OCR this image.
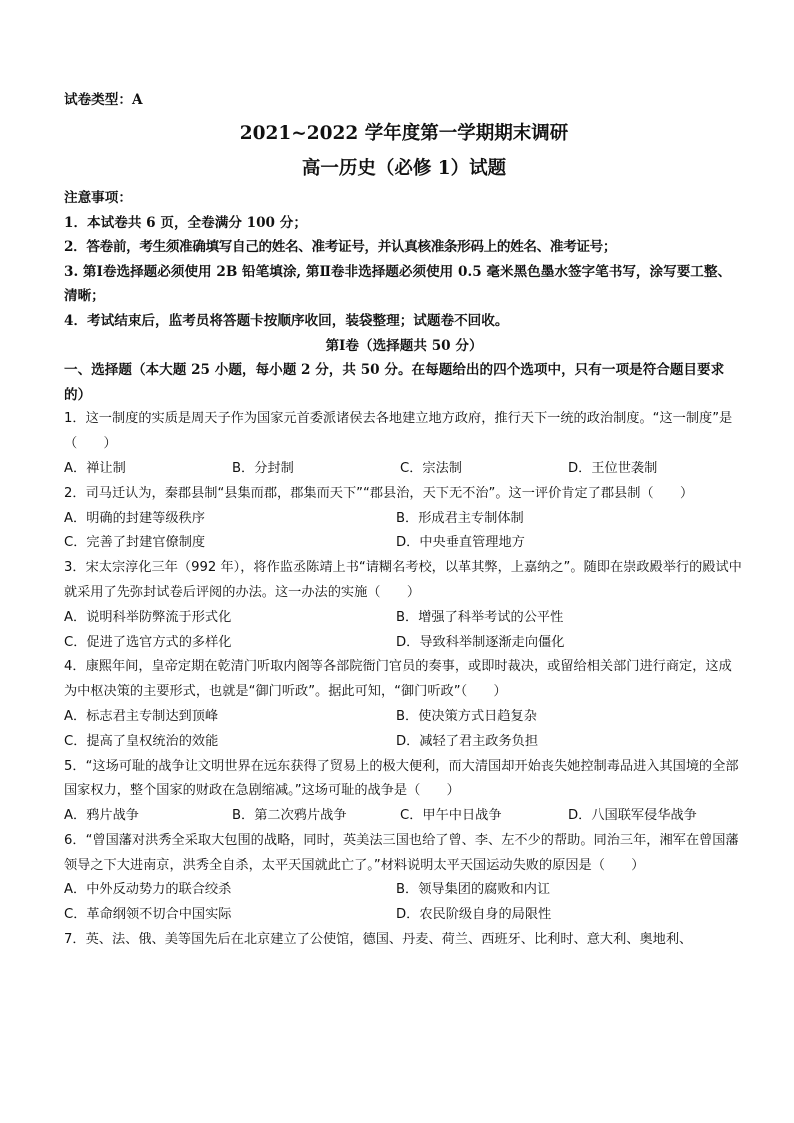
试卷类型：A
2021~2022 学年度第一学期期末调研
高一历史（必修 1）试题
注意事项：
1．本试卷共 6 页，全卷满分 100 分；
2．答卷前，考生须准确填写自己的姓名、准考证号，并认真核准条形码上的姓名、准考证号；
3. 第Ⅰ卷选择题必须使用 2B 铅笔填涂, 第Ⅱ卷非选择题必须使用 0.5 毫米黑色墨水签字笔书写，涂写要工整、清晰；
4．考试结束后，监考员将答题卡按顺序收回，装袋整理；试题卷不回收。
第Ⅰ卷（选择题共 50 分）
一、选择题（本大题 25 小题，每小题 2 分，共 50 分。在每题给出的四个选项中，只有一项是符合题目要求的）
1．这一制度的实质是周天子作为国家元首委派诸侯去各地建立地方政府，推行天下一统的政治制度。“这一制度”是（　　）
A．禅让制	B．分封制	C．宗法制	D．王位世袭制
2．司马迁认为，秦郡县制“县集而郡，郡集而天下”“郡县治，天下无不治”。这一评价肯定了郡县制（　　）
A．明确的封建等级秩序	B．形成君主专制体制
C．完善了封建官僚制度	D．中央垂直管理地方
3．宋太宗淳化三年（992 年），将作监丞陈靖上书“请糊名考校，以革其弊，上嘉纳之”。随即在崇政殿举行的殿试中就采用了先弥封试卷后评阅的办法。这一办法的实施（　　）
A．说明科举防弊流于形式化	B．增强了科举考试的公平性
C．促进了选官方式的多样化	D．导致科举制逐渐走向僵化
4．康熙年间，皇帝定期在乾清门听取内阁等各部院衙门官员的奏事，或即时裁决，或留给相关部门进行商定，这成为中枢决策的主要形式，也就是“御门听政”。据此可知，“御门听政”（　　）
A．标志君主专制达到顶峰	B．使决策方式日趋复杂
C．提高了皇权统治的效能	D．减轻了君主政务负担
5．“这场可耻的战争让文明世界在远东获得了贸易上的极大便利，而大清国却开始丧失她控制毒品进入其国境的全部国家权力，整个国家的财政在急剧缩减。”这场可耻的战争是（　　）
A．鸦片战争	B．第二次鸦片战争	C．甲午中日战争	D．八国联军侵华战争
6．“曾国藩对洪秀全采取大包围的战略，同时，英美法三国也给了曾、李、左不少的帮助。同治三年，湘军在曾国藩领导之下大进南京，洪秀全自杀，太平天国就此亡了。”材料说明太平天国运动失败的原因是（　　）
A．中外反动势力的联合绞杀	B．领导集团的腐败和内讧
C．革命纲领不切合中国实际	D．农民阶级自身的局限性
7．英、法、俄、美等国先后在北京建立了公使馆，德国、丹麦、荷兰、西班牙、比利时、意大利、奥地利、
